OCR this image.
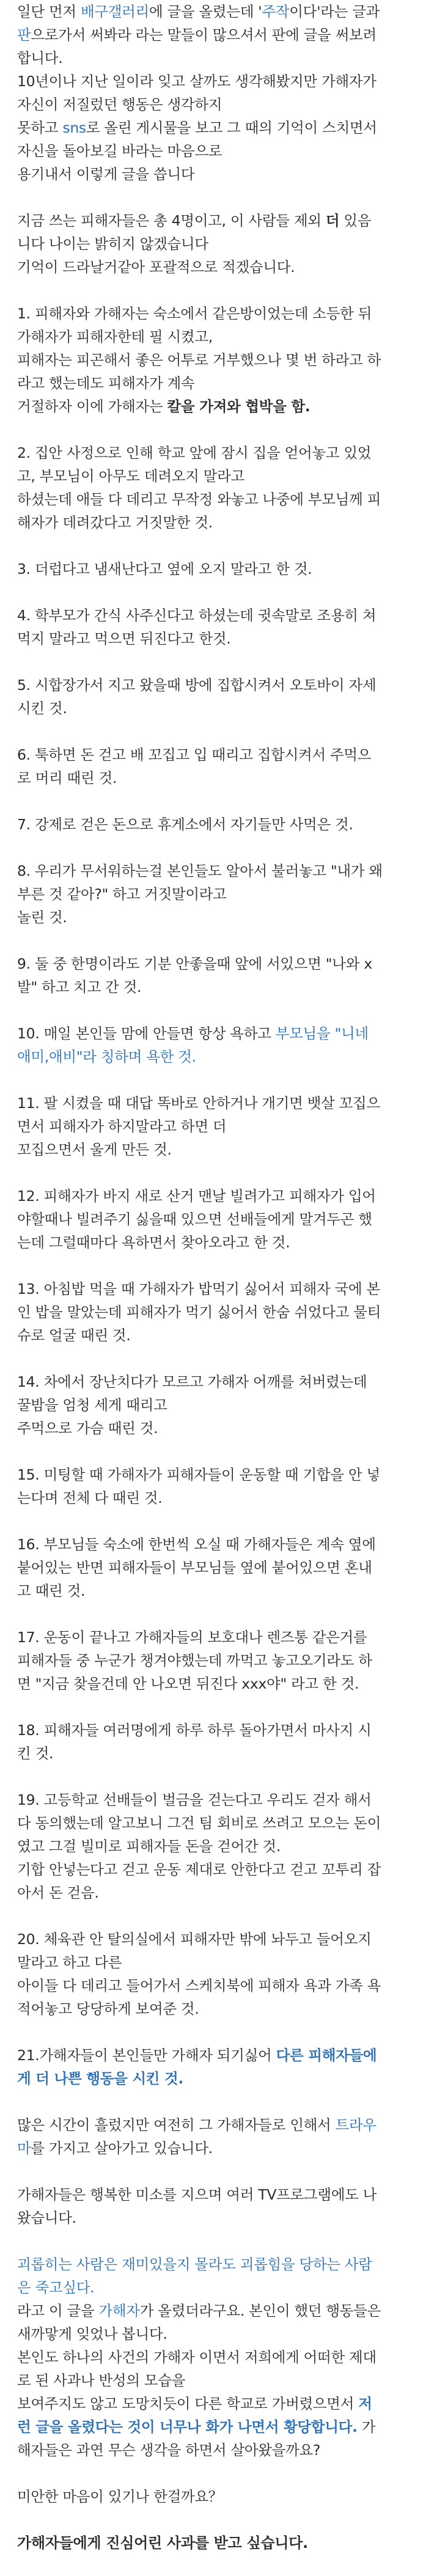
일단 먼저 배구갤러리에 글을 올렸는데 '주작이다'라는 글과
판으로가서 써봐라 라는 말들이 많으셔서 판에 글을 써보려
합니다.
10년이나 지난 일이라 잊고 살까도 생각해봤지만 가해자가
자신이 저질렀던 행동은 생각하지
못하고 sns로 올린 게시물을 보고 그 때의 기억이 스치면서
자신을 돌아보길 바라는 마음으로
용기내서 이렇게 글을 씁니다
지금 쓰는 피해자들은 총 4명이고, 이 사람들 제외 더 있음
니다 나이는 밝히지 않겠습니다
기억이 드라날거같아 포괄적으로 적겠습니다.
1. 피해자와 가해자는 숙소에서 같은방이었는데 소등한 뒤
가해자가 피해자한테 필 시켰고,
피해자는 피곤해서 좋은 어투로 거부했으나 몇 번 하라고 하
라고 했는데도 피해자가 계속
거절하자 이에 가해자는 칼을 가져와 협박을 함.
2. 집안 사정으로 인해 학교 앞에 잠시 집을 얻어놓고 있었
고, 부모님이 아무도 데려오지 말라고
하셨는데 애들 다 데리고 무작정 와놓고 나중에 부모님께 피
해자가 데려갔다고 거짓말한 것.
3. 더럽다고 냄새난다고 옆에 오지 말라고 한 것.
4. 학부모가 간식 사주신다고 하셨는데 귓속말로 조용히 쳐
먹지 말라고 먹으면 뒤진다고 한것.
5. 시합장가서 지고 왔을때 방에 집합시켜서 오토바이 자세
시킨 것.
6. 툭하면 돈 걷고 배 꼬집고 입 때리고 집합시켜서 주먹으
로 머리 때린 것.
7. 강제로 걷은 돈으로 휴게소에서 자기들만 사먹은 것.
8. 우리가 무서워하는걸 본인들도 알아서 불러놓고 "내가 왜
부른 것 같아?" 하고 거짓말이라고
놀린 것.
9. 둘 중 한명이라도 기분 안좋을때 앞에 서있으면 "나와 x
발" 하고 치고 간 것.
10. 매일 본인들 맘에 안들면 항상 욕하고 부모님을 "니네
애미,애비"라 칭하며 욕한 것.
11. 팔 시켰을 때 대답 똑바로 안하거나 개기면 뱃살 꼬집으
면서 피해자가 하지말라고 하면 더
꼬집으면서 울게 만든 것.
12. 피해자가 바지 새로 산거 맨날 빌려가고 피해자가 입어
야할때나 빌려주기 싫을때 있으면 선배들에게 말겨두곤 했
는데 그럴때마다 욕하면서 찾아오라고 한 것.
13. 아침밥 먹을 때 가해자가 밥먹기 싫어서 피해자 국에 본
인 밥을 말았는데 피해자가 먹기 싫어서 한숨 쉬었다고 물티
슈로 얼굴 때린 것.
14. 차에서 장난치다가 모르고 가해자 어깨를 쳐버렸는데
꿀밤을 엄청 세게 때리고
주먹으로 가슴 때린 것.
15. 미팅할 때 가해자가 피해자들이 운동할 때 기합을 안 넣
는다며 전체 다 때린 것.
16. 부모님들 숙소에 한번씩 오실 때 가해자들은 계속 옆에
붙어있는 반면 피해자들이 부모님들 옆에 붙어있으면 혼내
고 때린 것.
17. 운동이 끝나고 가해자들의 보호대나 렌즈통 같은거를
피해자들 중 누군가 챙겨야했는데 까먹고 놓고오기라도 하
면 "지금 찾을건데 안 나오면 뒤진다 xxx야" 라고 한 것.
18. 피해자들 여러명에게 하루 하루 돌아가면서 마사지 시
킨 것.
19. 고등학교 선배들이 벌금을 걷는다고 우리도 걷자 해서
다 동의했는데 알고보니 그건 팀 회비로 쓰려고 모으는 돈이
였고 그걸 빌미로 피해자들 돈을 걷어간 것.
기합 안넣는다고 걷고 운동 제대로 안한다고 걷고 꼬투리 잡
아서 돈 걷음.
20. 체육관 안 탈의실에서 피해자만 밖에 놔두고 들어오지
말라고 하고 다른
아이들 다 데리고 들어가서 스케치북에 피해자 욕과 가족 욕
적어놓고 당당하게 보여준 것.
21.가해자들이 본인들만 가해자 되기싫어 다른 피해자들에
게 더 나쁜 행동을 시킨 것.
많은 시간이 흘렀지만 여전히 그 가해자들로 인해서 트라우
마를 가지고 살아가고 있습니다.
가해자들은 행복한 미소를 지으며 여러 TV프로그램에도 나
왔습니다.
괴롭히는 사람은 재미있을지 몰라도 괴롭힘을 당하는 사람
은 죽고싶다.
라고 이 글을 가해자가 올렸더라구요. 본인이 했던 행동들은
새까맣게 잊었나 봅니다.
본인도 하나의 사건의 가해자 이면서 저희에게 어떠한 제대
로 된 사과나 반성의 모습을
보여주지도 않고 도망치듯이 다른 학교로 가버렸으면서 저
런 글을 올렸다는 것이 너무나 화가 나면서 황당합니다. 가
해자들은 과연 무슨 생각을 하면서 살아왔을까요?
미안한 마음이 있기나 한걸까요？
가해자들에게 진심어린 사과를 받고 싶습니다.
